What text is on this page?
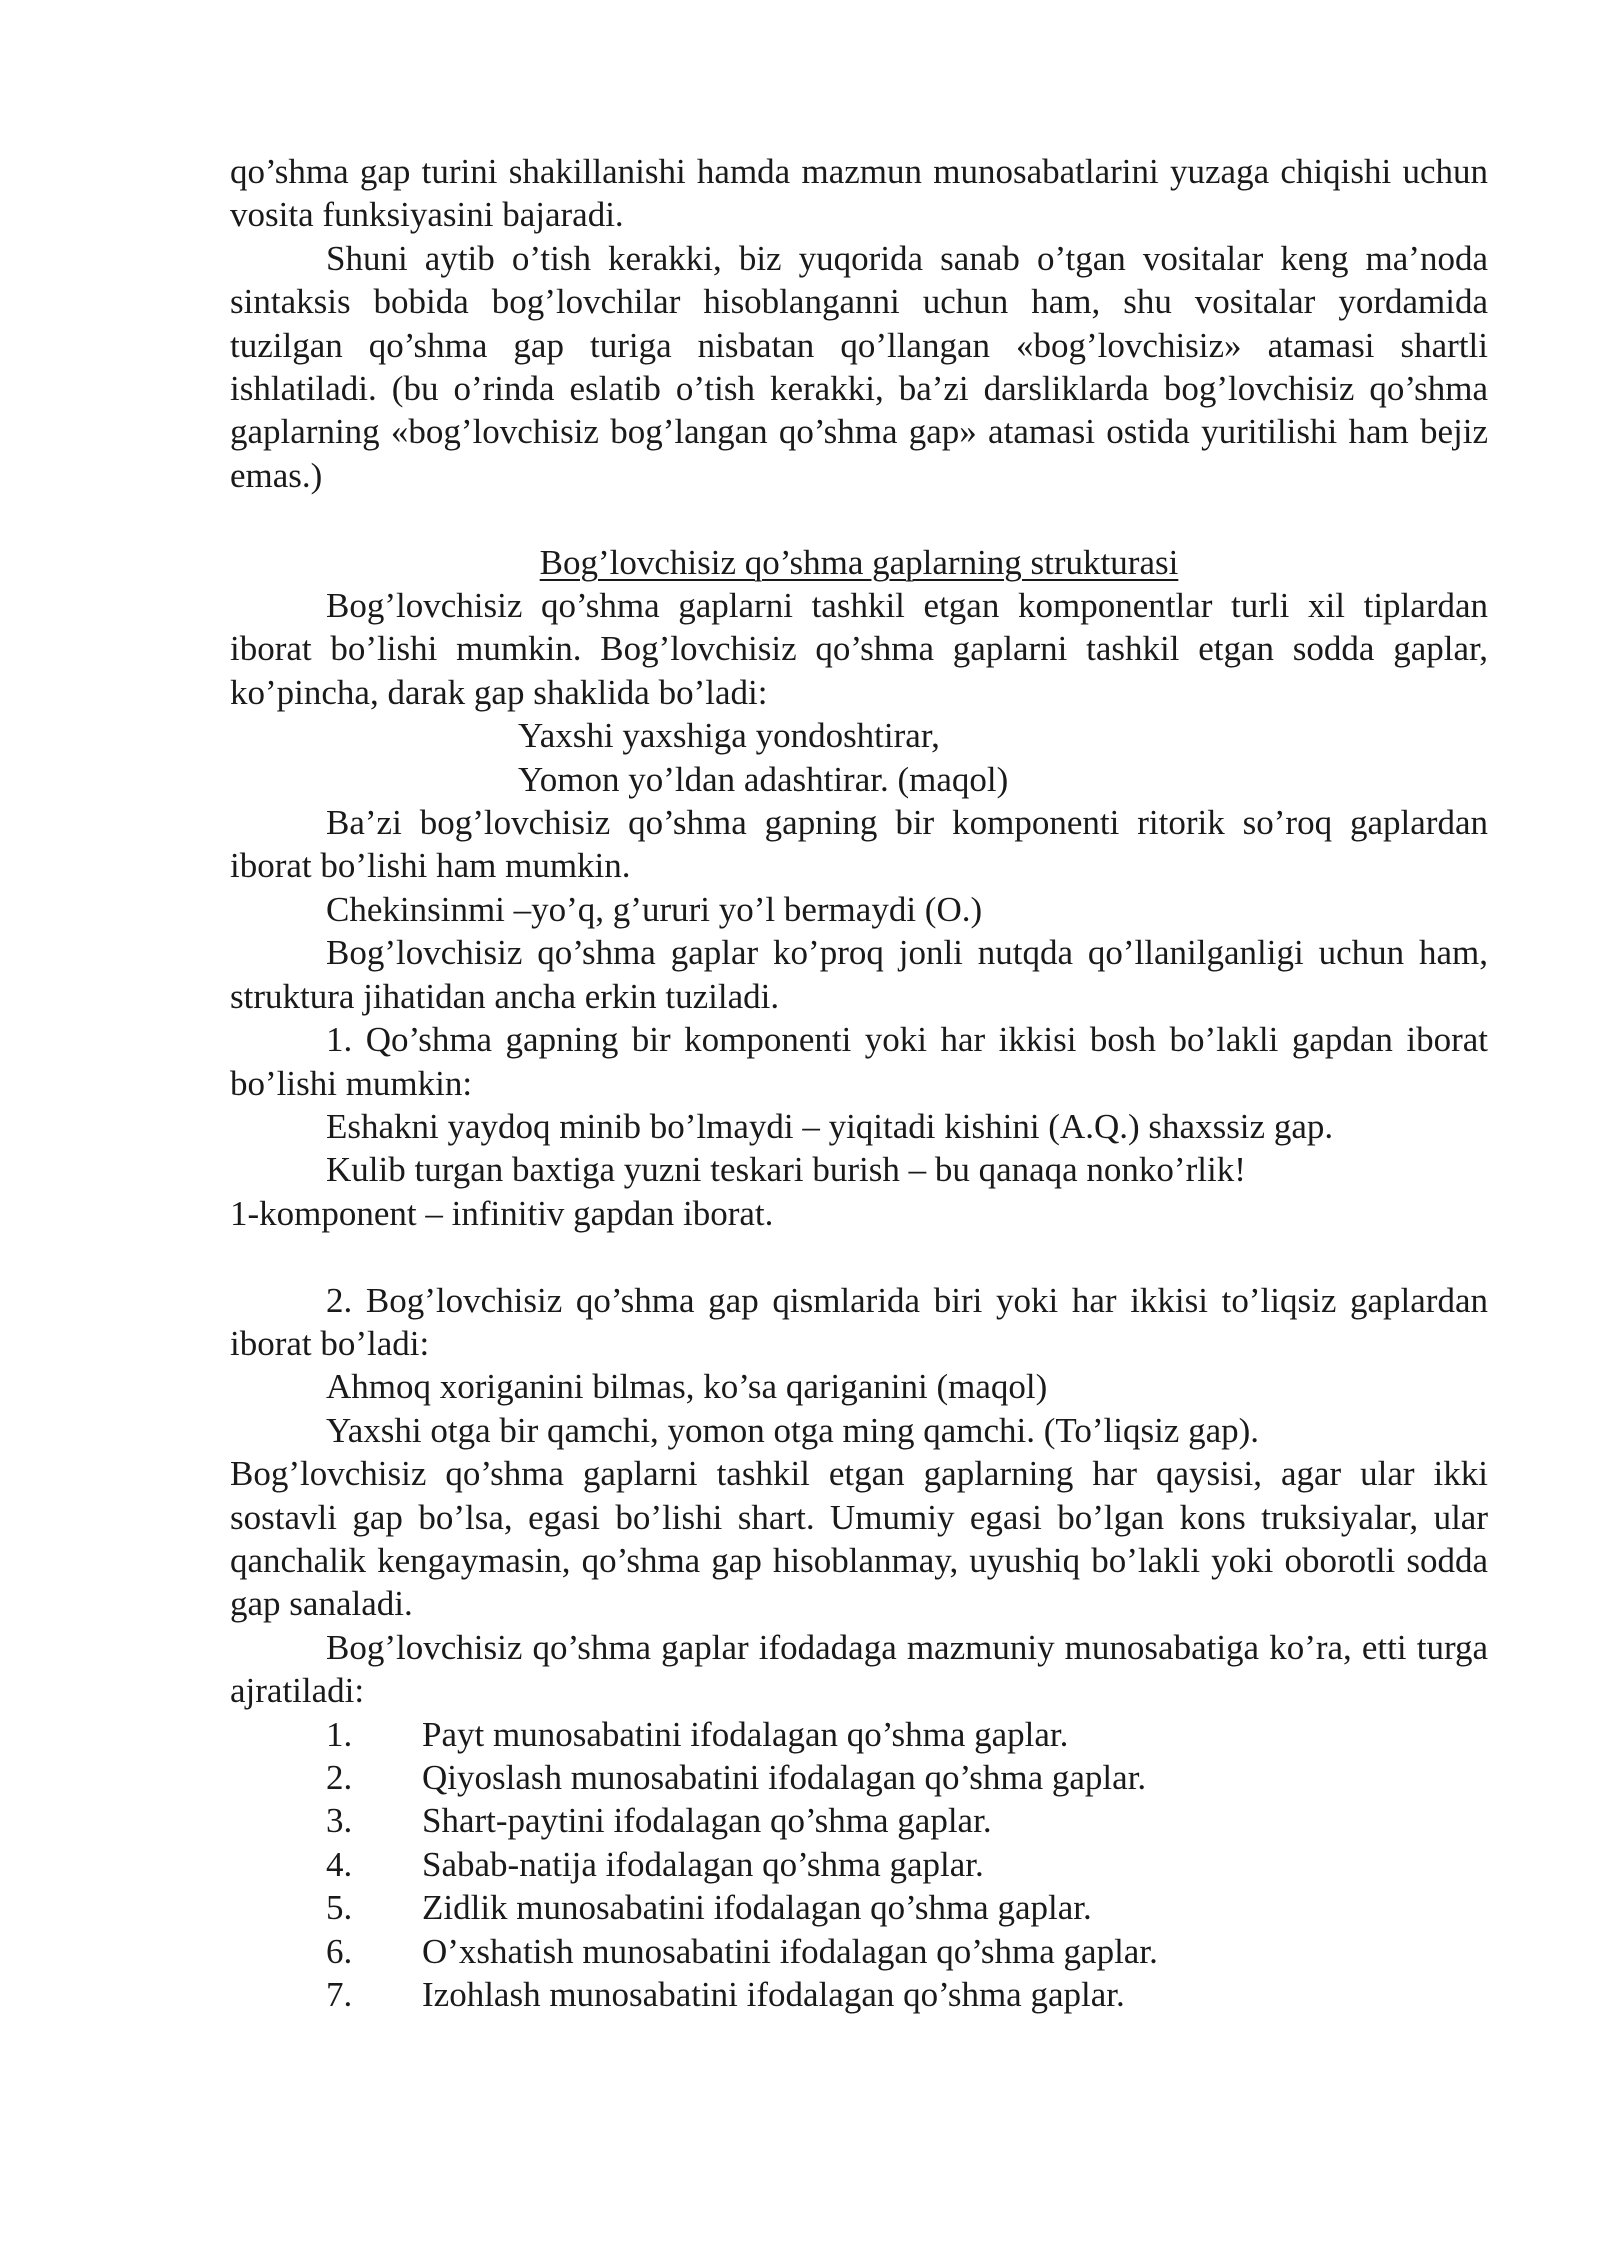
qo’shma gap turini shakillanishi hamda mazmun munosabatlarini yuzaga chiqishi uchun vosita funksiyasini bajaradi.

Shuni aytib o’tish kerakki, biz yuqorida sanab o’tgan vositalar keng ma’noda sintaksis bobida bog’lovchilar hisoblanganni uchun ham, shu vositalar yordamida tuzilgan qo’shma gap turiga nisbatan qo’llangan «bog’lovchisiz» atamasi shartli ishlatiladi. (bu o’rinda eslatib o’tish kerakki, ba’zi darsliklarda bog’lovchisiz qo’shma gaplarning «bog’lovchisiz bog’langan qo’shma gap» atamasi ostida yuritilishi ham bejiz emas.)

Bog’lovchisiz qo’shma gaplarning strukturasi

Bog’lovchisiz qo’shma gaplarni tashkil etgan komponentlar turli xil tiplardan iborat bo’lishi mumkin. Bog’lovchisiz qo’shma gaplarni tashkil etgan sodda gaplar, ko’pincha, darak gap shaklida bo’ladi:

Yaxshi yaxshiga yondoshtirar,

Yomon yo’ldan adashtirar. (maqol)

Ba’zi bog’lovchisiz qo’shma gapning bir komponenti ritorik so’roq gaplardan iborat bo’lishi ham mumkin.

Chekinsinmi –yo’q, g’ururi yo’l bermaydi (O.)

Bog’lovchisiz qo’shma gaplar ko’proq jonli nutqda qo’llanilganligi uchun ham, struktura jihatidan ancha erkin tuziladi.

1. Qo’shma gapning bir komponenti yoki har ikkisi bosh bo’lakli gapdan iborat bo’lishi mumkin:

Eshakni yaydoq minib bo’lmaydi – yiqitadi kishini (A.Q.) shaxssiz gap.

Kulib turgan baxtiga yuzni teskari burish – bu qanaqa nonko’rlik!

1-komponent – infinitiv gapdan iborat.

2. Bog’lovchisiz qo’shma gap qismlarida biri yoki har ikkisi to’liqsiz gaplardan iborat bo’ladi:

Ahmoq xoriganini bilmas, ko’sa qariganini (maqol)

Yaxshi otga bir qamchi, yomon otga ming qamchi. (To’liqsiz gap).

Bog’lovchisiz qo’shma gaplarni tashkil etgan gaplarning har qaysisi, agar ular ikki sostavli gap bo’lsa, egasi bo’lishi shart. Umumiy egasi bo’lgan kons truksiyalar, ular qanchalik kengaymasin, qo’shma gap hisoblanmay, uyushiq bo’lakli yoki oborotli sodda gap sanaladi.

Bog’lovchisiz qo’shma gaplar ifodadaga mazmuniy munosabatiga ko’ra, etti turga ajratiladi:

1.	Payt munosabatini ifodalagan qo’shma gaplar.
2.	Qiyoslash munosabatini ifodalagan qo’shma gaplar.
3.	Shart-paytini ifodalagan qo’shma gaplar.
4.	Sabab-natija ifodalagan qo’shma gaplar.
5.	Zidlik munosabatini ifodalagan qo’shma gaplar.
6.	O’xshatish munosabatini ifodalagan qo’shma gaplar.
7.	Izohlash munosabatini ifodalagan qo’shma gaplar.
